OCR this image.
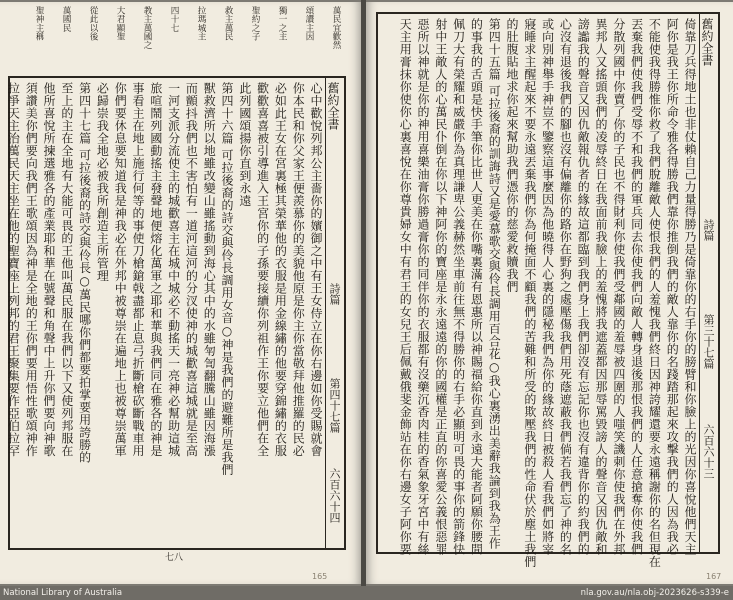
萬民宜歡然
頌讚主因
獨一之主
聖約之子
救主萬民
拉瑪城主
四十七
教主萬國之
大君顯聖
從此以後
萬國民
聖神主稱
舊約全書
詩篇
第四十七篇
六百六十四
心中歡悅列邦公主嗇你的嬪御之中有王女侍立在你右邊如你受賜就會
你本民和你父家王便羨慕你的美貌他原是你主你當敬拜他推羅的民必
必如此王女在宮裏極其榮華他的衣服是用金線繡的他要穿錦繡的衣服
歡歡喜喜被引導進入王宮你的子孫要接續你列祖作王你要立他們在全
此列國頌揚你直到永遠
第四十六篇 可拉後裔的詩交與伶長調用女音○神是我們的避難所是我們
獸救濟所以地雖改變山雖搖動到海心其中的水雖匉訇翻騰山雖因海漲
而顫抖我們也不害怕有一道河這河的分汊使神的城歡喜這城就是至高
一河支派分流使主的城歡喜主在城中城必不動搖天一亮神必幫助這城
旅喧鬧列國動搖主發聲地便熔化萬軍之耶和華與我們同在雅各的神是
事看主在地上施行何等的事使刀槍鎗戟盡都止息弓折斷槍砍斷戰車用
你們要休息要知道我是神我必在外邦中被尊崇在遍地上也被尊崇萬軍
必歸崇我全地必被我所創造主所管理
第四十七篇 可拉後裔的詩交與伶長○萬民哪你們都要拍掌要用誇勝的
至上的主在全地有大能可畏的王他叫萬民服在我們以下又使列邦服在
他所喜悅所揀選雅各的產業耶和華在號聲和角聲中上升你們要向神歌
須讚美你們要向我們王歌頌因為神是全地的王你們要用悟性歌頌神作
拉爭天主治萬民天主坐在他的聖寶座上列邦的君王聚集要作亞伯拉罕
七八
165
舊約全書
詩篇
第三十七篇
六百六十三
倚靠刀兵得地土也非仗賴自己力量得勝乃是倚靠你的右手你的膀臂和你臉上的光因你喜悅他們天主
阿你是我王你所命令雅各得勝我們靠你推倒我們的敵人靠你的名踐踏那起來攻擊我們的人因為我必
不能使我得勝惟你救了我們脫離敵人使恨我們的人羞愧我們終日因神誇耀還要永遠稱謝你的名但現在
丟棄我們使我們受辱不和我們的軍兵同去你使我們向敵人轉身退後那恨我們的人任意搶奪你使我們
分散列國中你賣了你的子民也不得財利你使我們受鄰國的羞辱被四圍的人嗤笑譏刺你使我們在外邦
異邦人又搖頭我們的凌辱終日在我面前我臉上的羞愧將我遮蓋都因那辱罵毀謗人的聲音又因仇敵和
謗讟我的聲音又因仇敵報仇者的緣故這都臨到我們身上我們卻沒有忘記你也沒有違背你的約我們的
心沒有退後我們的腳也沒有偏離你的路你在野狗之處壓傷我們用死蔭遮蔽我們倘若我們忘了神的名
或向別神舉手神豈不鑒察這事麼因為他曉得人心裏的隱秘我們為你的緣故終日被殺人看我們如將宰
寢睡求主醒起來不要永遠丟棄我們你為何掩面不顧我們的苦難和所受的欺壓我們的性命伏於塵土我們
的肚腹貼地求你起來幫助我們憑你的慈愛救贖我們
第四十五篇 可拉後裔的訓誨詩又是愛慕歌交與伶長調用百合花○我心裏湧出美辭我論到我為王作
的事我的舌頭是快手筆你比世人更美在你嘴裏滿有恩惠所以神賜福給你直到永遠大能者阿願你腰間
佩刀大有榮耀和威嚴你為真理謙卑公義赫然坐車前往無不得勝你的右手必顯明可畏的事你的箭鋒快
射中王敵人的心萬民仆倒在你以下神阿你的寶座是永永遠遠的你的國權是正直的你喜愛公義恨惡罪
惡所以神就是你的神用喜樂油膏你勝過膏你的同伴你的衣服都有沒藥沉香肉桂的香氣象牙宮中有絲
天主用膏抹你使你心裏喜悅在你尊貴婦女中有君王的女兒王后佩戴俄斐金飾站在你右邊女子阿你要
167
National Library of Australia	nla.gov.au/nla.obj-2023626-s339-e
